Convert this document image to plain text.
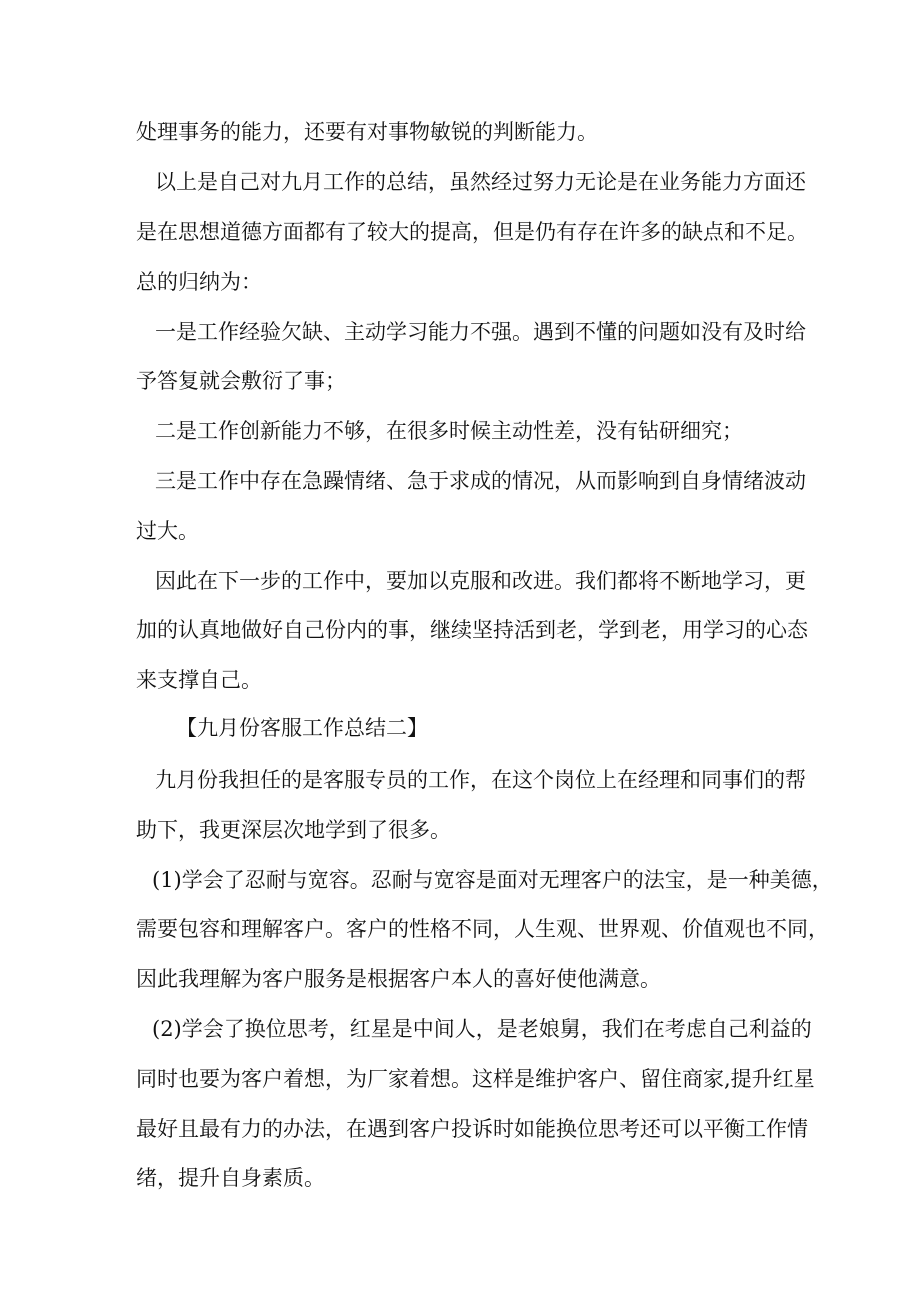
处理事务的能力，还要有对事物敏锐的判断能力。
以上是自己对九月工作的总结，虽然经过努力无论是在业务能力方面还
是在思想道德方面都有了较大的提高，但是仍有存在许多的缺点和不足。
总的归纳为：
一是工作经验欠缺、主动学习能力不强。遇到不懂的问题如没有及时给
予答复就会敷衍了事；
二是工作创新能力不够，在很多时候主动性差，没有钻研细究；
三是工作中存在急躁情绪、急于求成的情况，从而影响到自身情绪波动
过大。
因此在下一步的工作中，要加以克服和改进。我们都将不断地学习，更
加的认真地做好自己份内的事，继续坚持活到老，学到老，用学习的心态
来支撑自己。
【九月份客服工作总结二】
九月份我担任的是客服专员的工作，在这个岗位上在经理和同事们的帮
助下，我更深层次地学到了很多。
(1)学会了忍耐与宽容。忍耐与宽容是面对无理客户的法宝，是一种美德，
需要包容和理解客户。客户的性格不同，人生观、世界观、价值观也不同，
因此我理解为客户服务是根据客户本人的喜好使他满意。
(2)学会了换位思考，红星是中间人，是老娘舅，我们在考虑自己利益的
同时也要为客户着想，为厂家着想。这样是维护客户、留住商家,提升红星
最好且最有力的办法，在遇到客户投诉时如能换位思考还可以平衡工作情
绪，提升自身素质。
